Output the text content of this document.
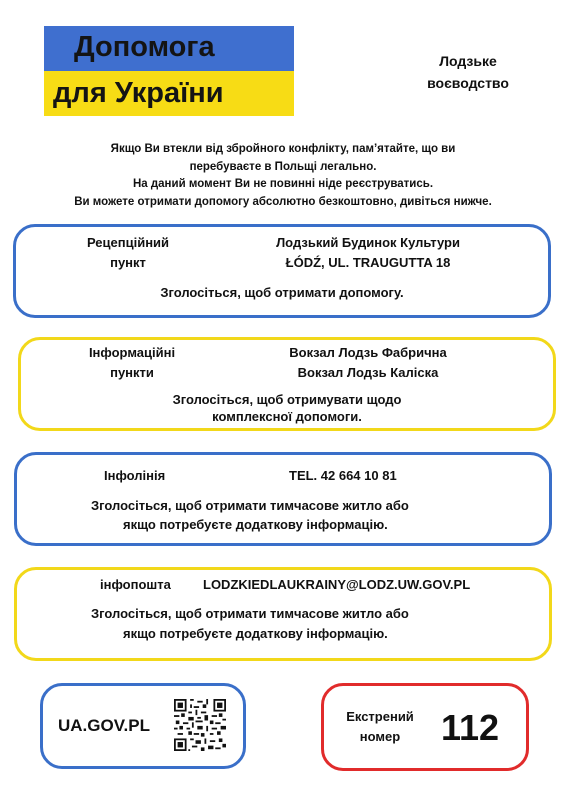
Допомога
для України
Лодзьке
воєводство
Якщо Ви втекли від збройного конфлікту, пам’ятайте, що ви
перебуваєте в Польщі легально.
На даний момент Ви не повинні ніде реєструватись.
Ви можете отримати допомогу абсолютно безкоштовно, дивіться нижче.
Рецепційний
пункт
Лодзький Будинок Культури
ŁÓDŹ, UL. TRAUGUTTA 18
Зголосіться, щоб отримати допомогу.
Інформаційні
пункти
Вокзал Лодзь Фабрична
Вокзал Лодзь Каліска
Зголосіться, щоб отримувати щодо
комплексної допомоги.
Інфолінія	TEL. 42 664 10 81
Зголосіться, щоб отримати тимчасове житло або
якщо потребуєте додаткову інформацію.
інфопошта LODZKIEDLAUKRAINY@LODZ.UW.GOV.PL
Зголосіться, щоб отримати тимчасове житло або
якщо потребуєте додаткову інформацію.
UA.GOV.PL	Екстрений
номер	112
